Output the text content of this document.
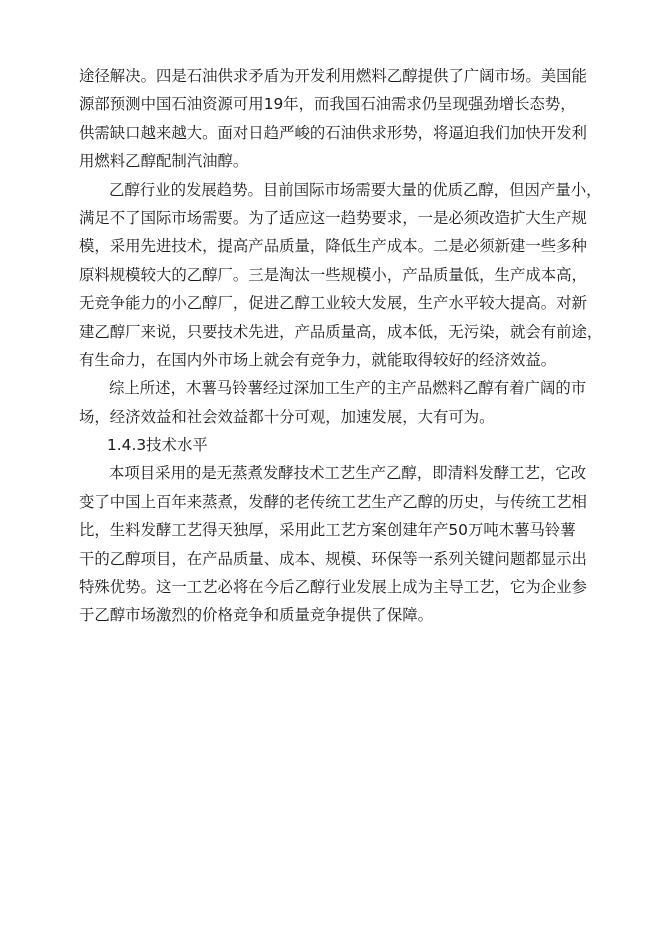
途径解决。四是石油供求矛盾为开发利用燃料乙醇提供了广阔市场。美国能
源部预测中国石油资源可用19年，而我国石油需求仍呈现强劲增长态势，
供需缺口越来越大。面对日趋严峻的石油供求形势，将逼迫我们加快开发利
用燃料乙醇配制汽油醇。
乙醇行业的发展趋势。目前国际市场需要大量的优质乙醇，但因产量小，
满足不了国际市场需要。为了适应这一趋势要求，一是必须改造扩大生产规
模，采用先进技术，提高产品质量，降低生产成本。二是必须新建一些多种
原料规模较大的乙醇厂。三是淘汰一些规模小，产品质量低，生产成本高，
无竞争能力的小乙醇厂，促进乙醇工业较大发展，生产水平较大提高。对新
建乙醇厂来说，只要技术先进，产品质量高，成本低，无污染，就会有前途，
有生命力，在国内外市场上就会有竞争力，就能取得较好的经济效益。
综上所述，木薯马铃薯经过深加工生产的主产品燃料乙醇有着广阔的市
场，经济效益和社会效益都十分可观，加速发展，大有可为。
1.4.3技术水平
本项目采用的是无蒸煮发酵技术工艺生产乙醇，即清料发酵工艺，它改
变了中国上百年来蒸煮，发酵的老传统工艺生产乙醇的历史，与传统工艺相
比，生料发酵工艺得天独厚，采用此工艺方案创建年产50万吨木薯马铃薯
干的乙醇项目，在产品质量、成本、规模、环保等一系列关键问题都显示出
特殊优势。这一工艺必将在今后乙醇行业发展上成为主导工艺，它为企业参
于乙醇市场激烈的价格竞争和质量竞争提供了保障。
